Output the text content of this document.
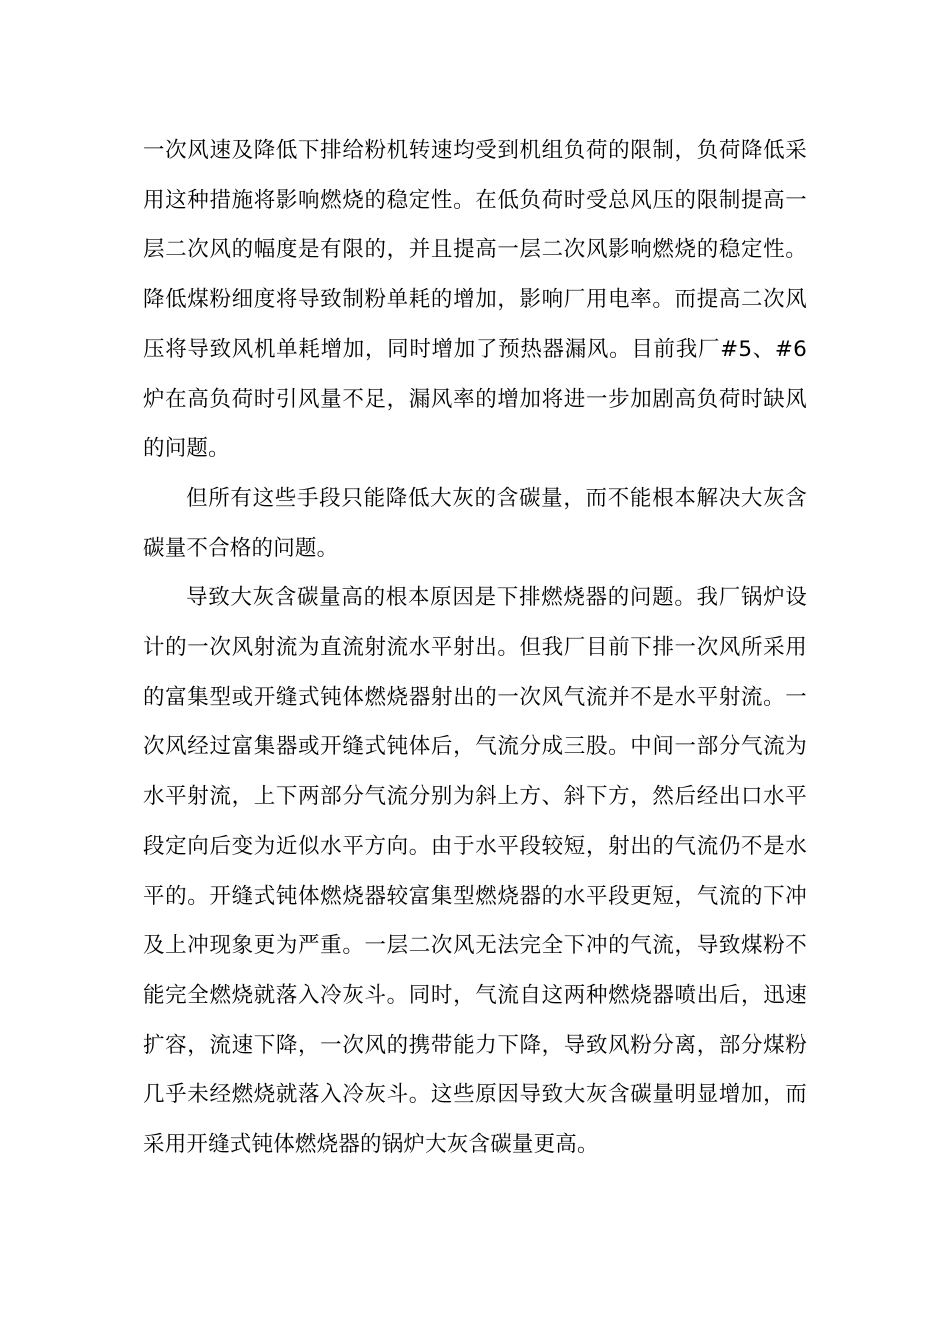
一次风速及降低下排给粉机转速均受到机组负荷的限制，负荷降低采用这种措施将影响燃烧的稳定性。在低负荷时受总风压的限制提高一层二次风的幅度是有限的，并且提高一层二次风影响燃烧的稳定性。降低煤粉细度将导致制粉单耗的增加，影响厂用电率。而提高二次风压将导致风机单耗增加，同时增加了预热器漏风。目前我厂#5、#6 炉在高负荷时引风量不足，漏风率的增加将进一步加剧高负荷时缺风的问题。

但所有这些手段只能降低大灰的含碳量，而不能根本解决大灰含碳量不合格的问题。

导致大灰含碳量高的根本原因是下排燃烧器的问题。我厂锅炉设计的一次风射流为直流射流水平射出。但我厂目前下排一次风所采用的富集型或开缝式钝体燃烧器射出的一次风气流并不是水平射流。一次风经过富集器或开缝式钝体后，气流分成三股。中间一部分气流为水平射流，上下两部分气流分别为斜上方、斜下方，然后经出口水平段定向后变为近似水平方向。由于水平段较短，射出的气流仍不是水平的。开缝式钝体燃烧器较富集型燃烧器的水平段更短，气流的下冲及上冲现象更为严重。一层二次风无法完全下冲的气流，导致煤粉不能完全燃烧就落入冷灰斗。同时，气流自这两种燃烧器喷出后，迅速扩容，流速下降，一次风的携带能力下降，导致风粉分离，部分煤粉几乎未经燃烧就落入冷灰斗。这些原因导致大灰含碳量明显增加，而采用开缝式钝体燃烧器的锅炉大灰含碳量更高。
